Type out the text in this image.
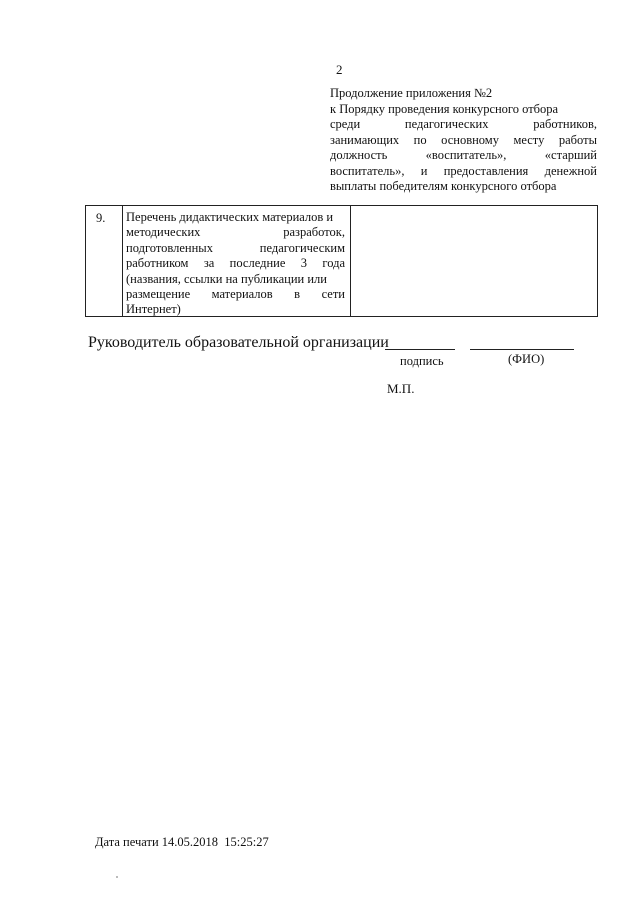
2
Продолжение приложения №2
к Порядку проведения конкурсного отбора
среди педагогических работников,
занимающих по основному месту работы
должность «воспитатель», «старший
воспитатель», и предоставления денежной
выплаты победителям конкурсного отбора
9. Перечень дидактических материалов и
методических разработок,
подготовленных педагогическим
работником за последние 3 года
(названия, ссылки на публикации или
размещение материалов в сети
Интернет)
Руководитель образовательной организации
подпись	(ФИО)
М.П.
Дата печати 14.05.2018  15:25:27
